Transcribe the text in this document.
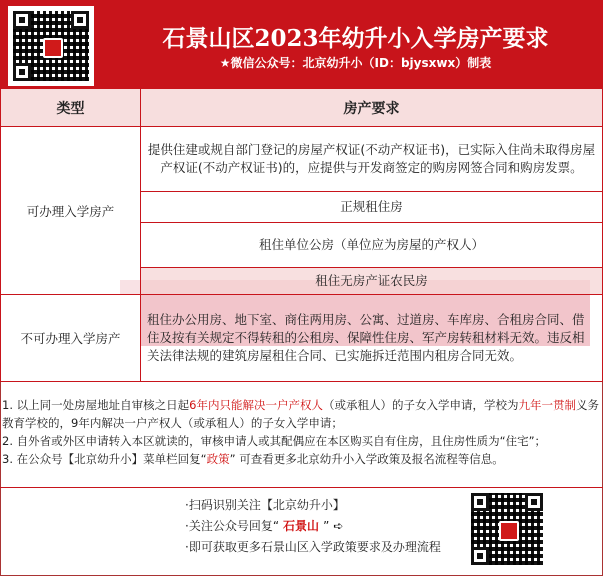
石景山区2023年幼升小入学房产要求
★微信公众号：北京幼升小（ID：bjysxwx）制表
类型	房产要求
可办理入学房产	提供住建或规自部门登记的房屋产权证(不动产权证书)，已实际入住尚未取得房屋产权证(不动产权证书)的，应提供与开发商签定的购房网签合同和购房发票。
	正规租住房
	租住单位公房（单位应为房屋的产权人）
	租住无房产证农民房
不可办理入学房产	租住办公用房、地下室、商住两用房、公寓、过道房、车库房、合租房合同、借住及按有关规定不得转租的公租房、保障性住房、军产房转租材料无效。违反相关法律法规的建筑房屋租住合同、已实施拆迁范围内租房合同无效。
1. 以上同一处房屋地址自审核之日起6年内只能解决一户产权人（或承租人）的子女入学申请，学校为九年一贯制义务教育学校的，9年内解决一户产权人（或承租人）的子女入学申请；
2. 自外省或外区申请转入本区就读的，审核申请人或其配偶应在本区购买自有住房，且住房性质为“住宅”；
3. 在公众号【北京幼升小】菜单栏回复“政策” 可查看更多北京幼升小入学政策及报名流程等信息。
·扫码识别关注【北京幼升小】
·关注公众号回复“ 石景山 ” ➪
·即可获取更多石景山区入学政策要求及办理流程
